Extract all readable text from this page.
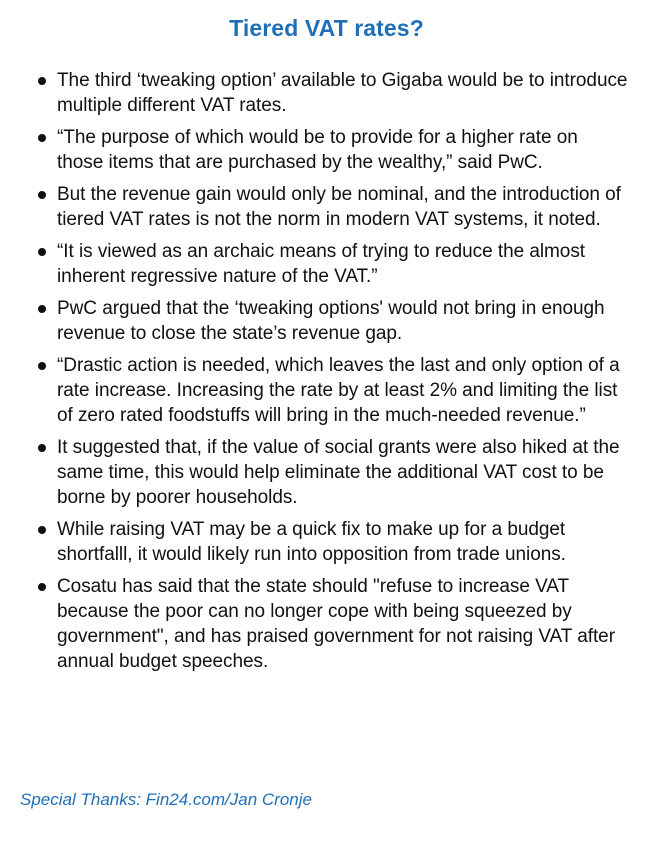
Tiered VAT rates?
The third ‘tweaking option’ available to Gigaba would be to introduce multiple different VAT rates.
“The purpose of which would be to provide for a higher rate on those items that are purchased by the wealthy,” said PwC.
But the revenue gain would only be nominal, and the introduction of tiered VAT rates is not the norm in modern VAT systems, it noted.
“It is viewed as an archaic means of trying to reduce the almost inherent regressive nature of the VAT.”
PwC argued that the ‘tweaking options' would not bring in enough revenue to close the state’s revenue gap.
“Drastic action is needed, which leaves the last and only option of a rate increase. Increasing the rate by at least 2% and limiting the list of zero rated foodstuffs will bring in the much-needed revenue.”
It suggested that, if the value of social grants were also hiked at the same time, this would help eliminate the additional VAT cost to be borne by poorer households.
While raising VAT may be a quick fix to make up for a budget shortfalll, it would likely run into opposition from trade unions.
Cosatu has said that the state should "refuse to increase VAT because the poor can no longer cope with being squeezed by government", and has praised government for not raising VAT after annual budget speeches.
Special Thanks: Fin24.com/Jan Cronje
